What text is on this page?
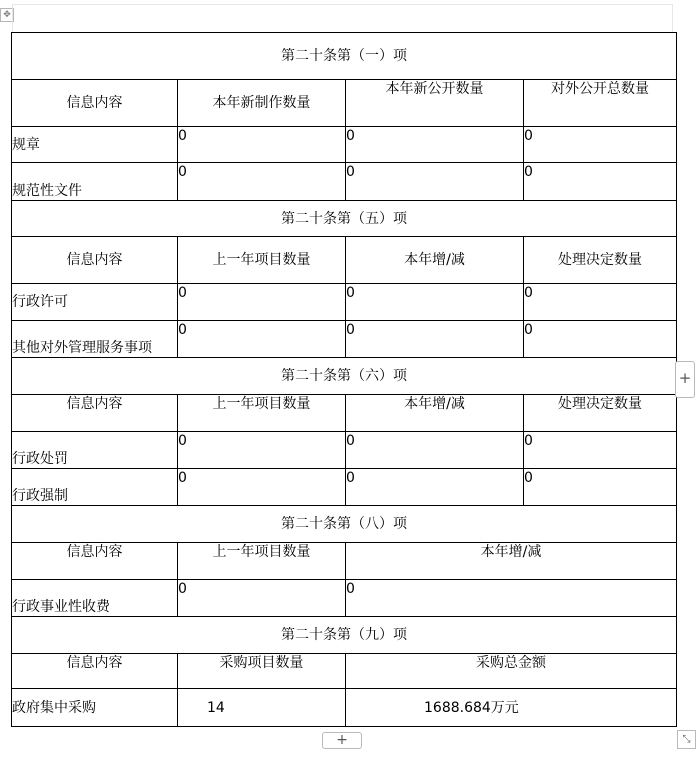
✥
第二十条第（一）项			
信息内容	本年新制作数量	本年新公开数量	对外公开总数量
规章	0	0	0
规范性文件	0	0	0
第二十条第（五）项			
信息内容	上一年项目数量	本年增/减	处理决定数量
行政许可	0	0	0
其他对外管理服务事项	0	0	0
第二十条第（六）项			
信息内容	上一年项目数量	本年增/减	处理决定数量
行政处罚	0	0	0
行政强制	0	0	0
第二十条第（八）项			
信息内容	上一年项目数量	本年增/减	
行政事业性收费	0	0	
第二十条第（九）项			
信息内容	采购项目数量	采购总金额	
政府集中采购	14	1688.684万元	
+
+	⤡
